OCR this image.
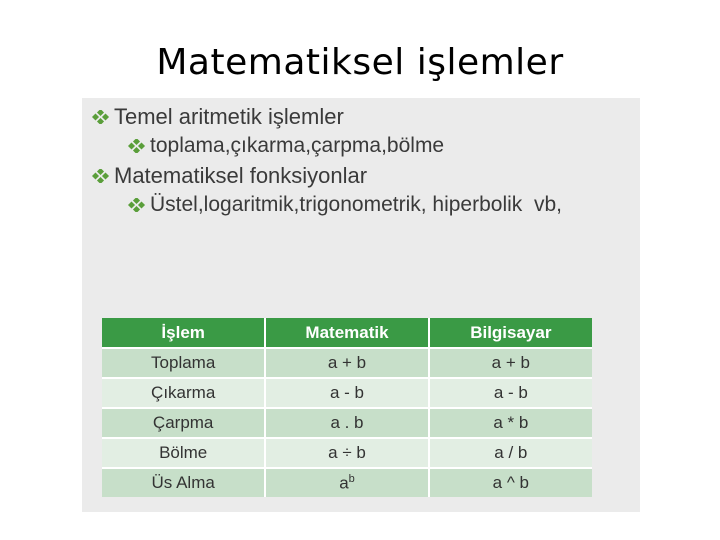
Matematiksel işlemler
Temel aritmetik işlemler
toplama,çıkarma,çarpma,bölme
Matematiksel fonksiyonlar
Üstel,logaritmik,trigonometrik, hiperbolik  vb,
İşlem	Matematik	Bilgisayar
Toplama	a + b	a + b
Çıkarma	a - b	a - b
Çarpma	a . b	a * b
Bölme	a ÷ b	a / b
Üs Alma	$a^b$	a ^ b
